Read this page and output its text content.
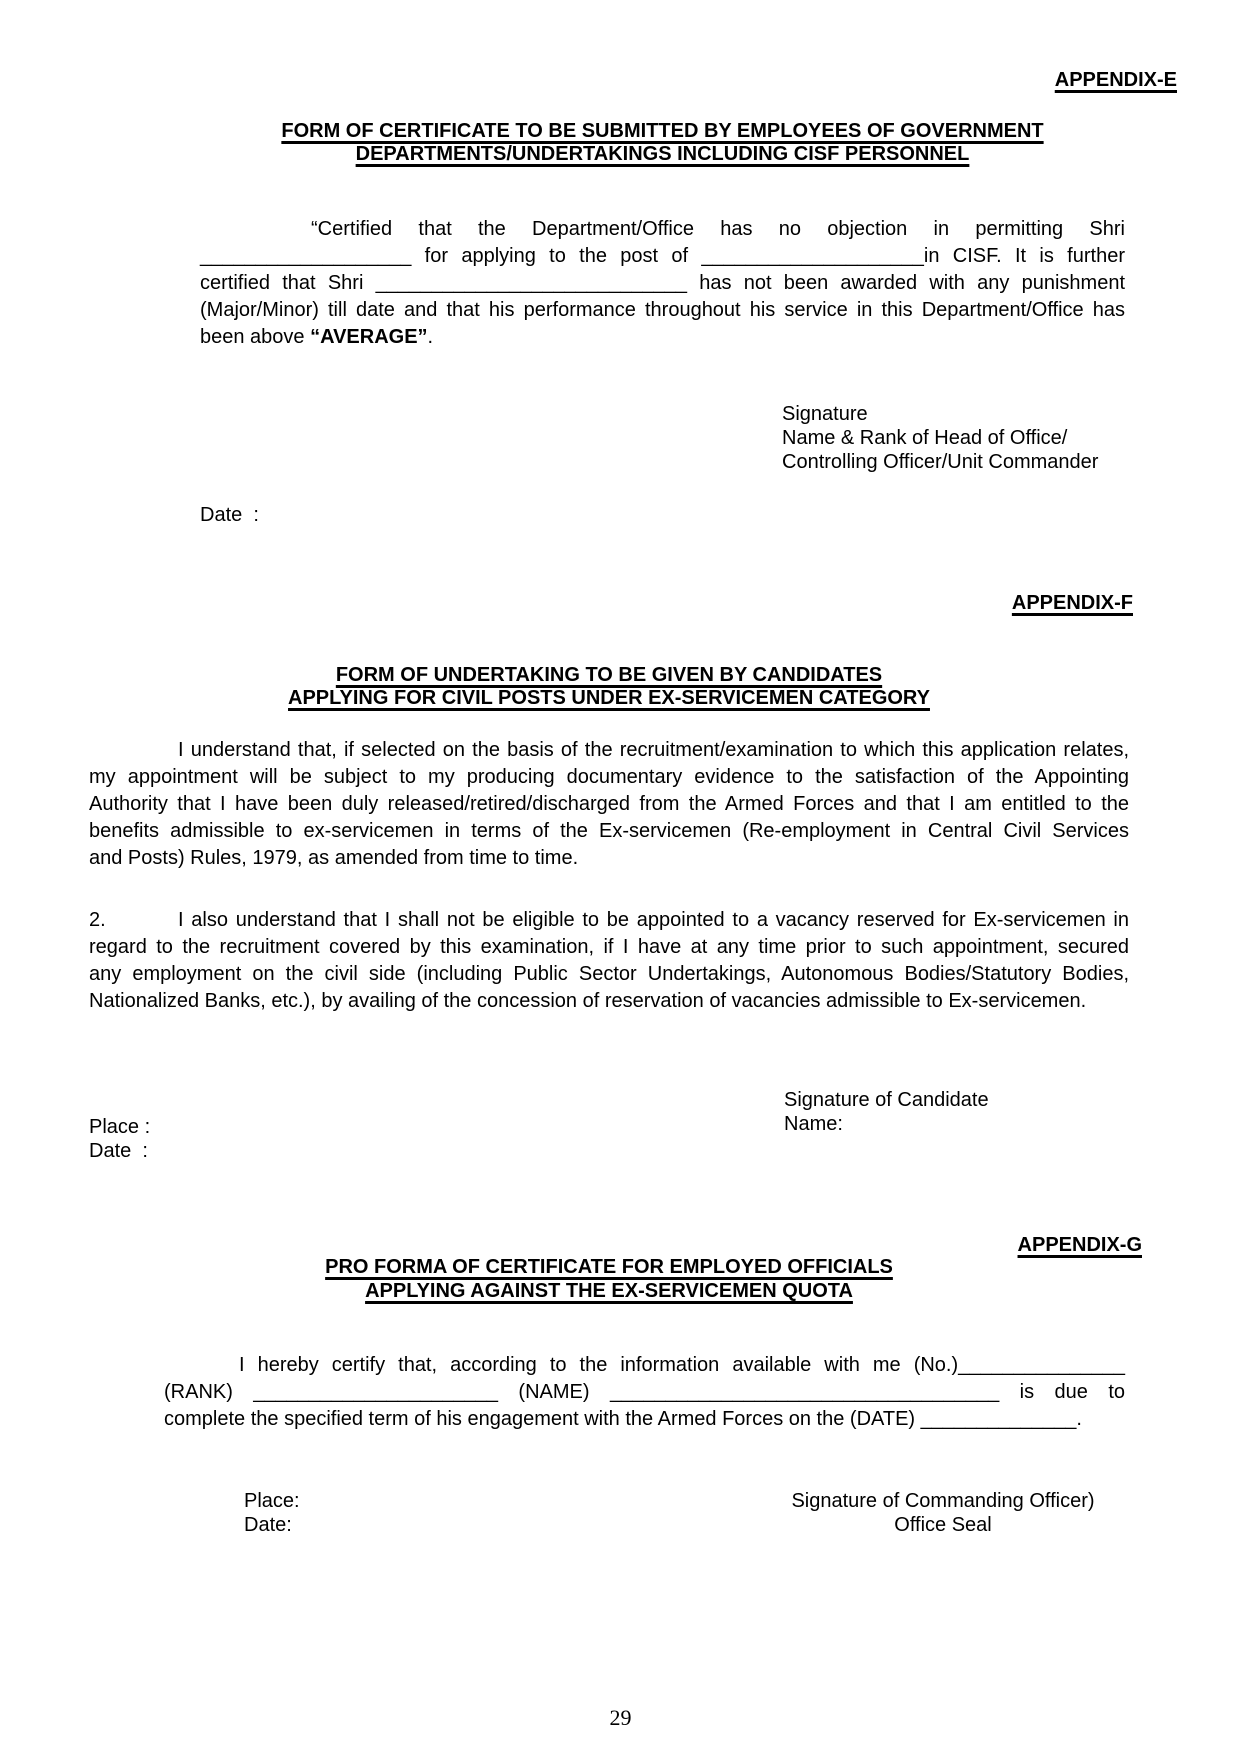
APPENDIX-E
FORM OF CERTIFICATE TO BE SUBMITTED BY EMPLOYEES OF GOVERNMENT
DEPARTMENTS/UNDERTAKINGS INCLUDING CISF PERSONNEL
“Certified that the Department/Office has no objection in permitting Shri
___________________ for applying to the post of ____________________in CISF. It is further
certified that Shri ____________________________ has not been awarded with any punishment
(Major/Minor) till date and that his performance throughout his service in this Department/Office has
been above “AVERAGE”.
Signature
Name & Rank of Head of Office/
Controlling Officer/Unit Commander
Date  :
APPENDIX-F
FORM OF UNDERTAKING TO BE GIVEN BY CANDIDATES
APPLYING FOR CIVIL POSTS UNDER EX-SERVICEMEN CATEGORY
I understand that, if selected on the basis of the recruitment/examination to which this application relates,
my appointment will be subject to my producing documentary evidence to the satisfaction of the Appointing
Authority that I have been duly released/retired/discharged from the Armed Forces and that I am entitled to the
benefits admissible to ex-servicemen in terms of the Ex-servicemen (Re-employment in Central Civil Services
and Posts) Rules, 1979, as amended from time to time.
2.	I also understand that I shall not be eligible to be appointed to a vacancy reserved for Ex-servicemen in
regard to the recruitment covered by this examination, if I have at any time prior to such appointment, secured
any employment on the civil side (including Public Sector Undertakings, Autonomous Bodies/Statutory Bodies,
Nationalized Banks, etc.), by availing of the concession of reservation of vacancies admissible to Ex-servicemen.
Signature of Candidate
Name:
Place :
Date  :
APPENDIX-G
PRO FORMA OF CERTIFICATE FOR EMPLOYED OFFICIALS
APPLYING AGAINST THE EX-SERVICEMEN QUOTA
I hereby certify that, according to the information available with me (No.)_______________
(RANK) ______________________ (NAME) ___________________________________ is due to
complete the specified term of his engagement with the Armed Forces on the (DATE) ______________.
Place:
Date:
Signature of Commanding Officer)
Office Seal
29
